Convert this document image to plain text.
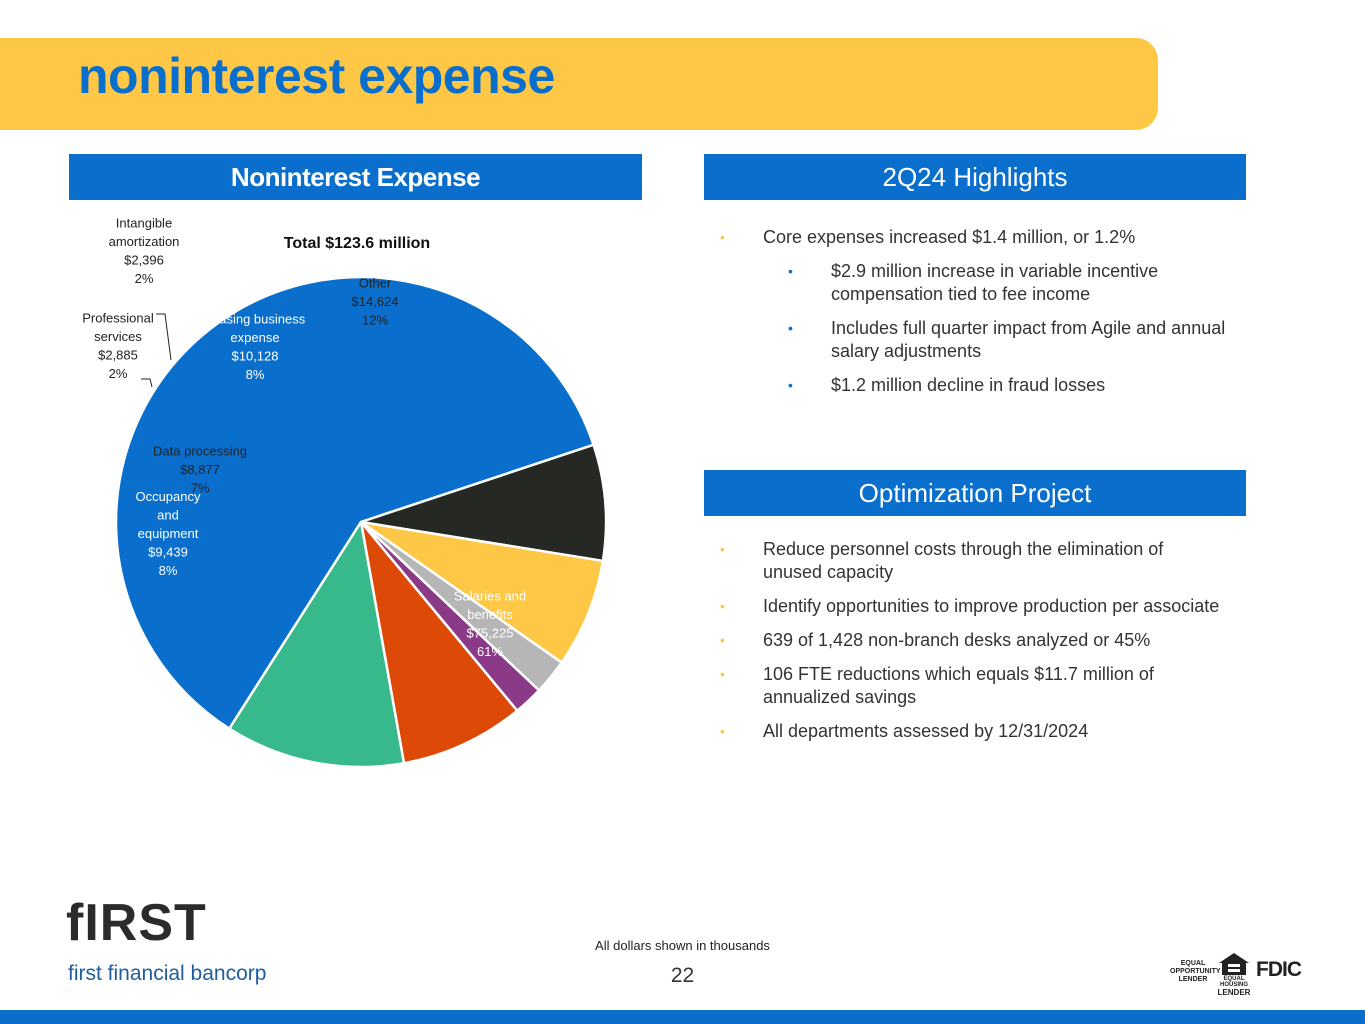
noninterest expense
Noninterest Expense	2Q24 Highlights
Optimization Project
Total $123.6 million
Salaries and benefits $75,225 61%
Occupancy and equipment $9,439 8%
Data processing $8,877 7%
Professional services $2,885 2%
Intangible amortization $2,396 2%
Leasing business expense $10,128 8%
Other $14,624 12%
• Core expenses increased $1.4 million, or 1.2%
• $2.9 million increase in variable incentive compensation tied to fee income
• Includes full quarter impact from Agile and annual salary adjustments
• $1.2 million decline in fraud losses
• Reduce personnel costs through the elimination of unused capacity
• Identify opportunities to improve production per associate
• 639 of 1,428 non-branch desks analyzed or 45%
• 106 FTE reductions which equals $11.7 million of annualized savings
• All departments assessed by 12/31/2024
All dollars shown in thousands
22
fIRST
first financial bancorp	EQUAL
OPPORTUNITY
LENDER	EQUAL HOUSING
LENDER
FDIC
